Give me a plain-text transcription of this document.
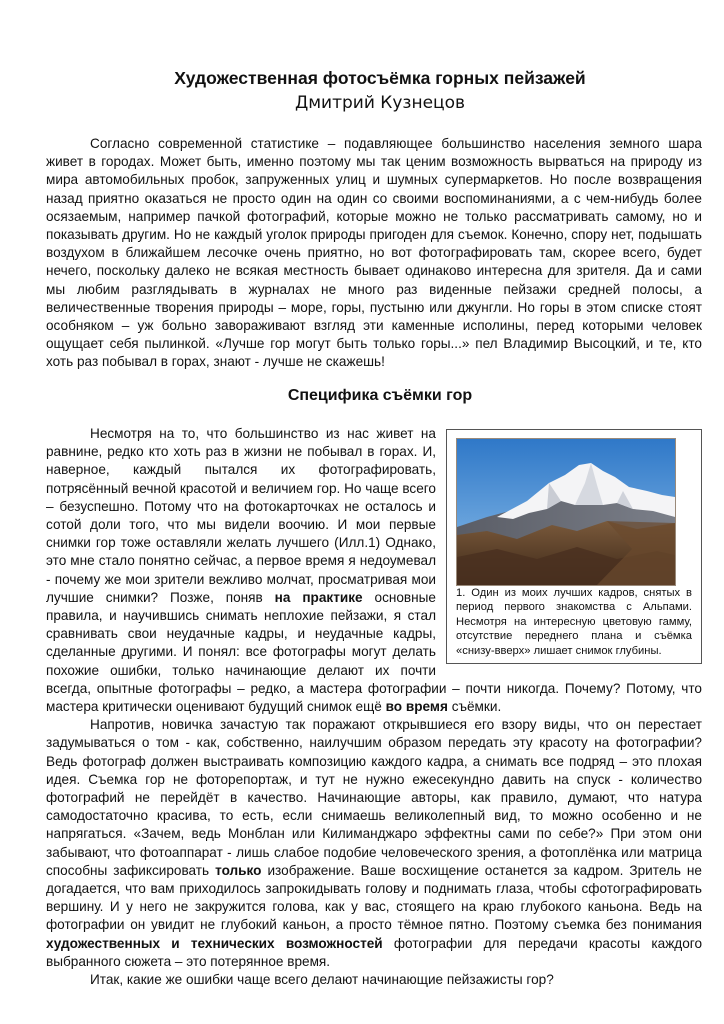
Художественная фотосъёмка горных пейзажей
Дмитрий Кузнецов

Согласно современной статистике – подавляющее большинство населения земного шара живет в городах. Может быть, именно поэтому мы так ценим возможность вырваться на природу из мира автомобильных пробок, запруженных улиц и шумных супермаркетов. Но после возвращения назад приятно оказаться не просто один на один со своими воспоминаниями, а с чем-нибудь более осязаемым, например пачкой фотографий, которые можно не только рассматривать самому, но и показывать другим. Но не каждый уголок природы пригоден для съемок. Конечно, спору нет, подышать воздухом в ближайшем лесочке очень приятно, но вот фотографировать там, скорее всего, будет нечего, поскольку далеко не всякая местность бывает одинаково интересна для зрителя. Да и сами мы любим разглядывать в журналах не много раз виденные пейзажи средней полосы, а величественные творения природы – море, горы, пустыню или джунгли. Но горы в этом списке стоят особняком – уж больно завораживают взгляд эти каменные исполины, перед которыми человек ощущает себя пылинкой. «Лучше гор могут быть только горы...» пел Владимир Высоцкий, и те, кто хоть раз побывал в горах, знают - лучше не скажешь!

Специфика съёмки гор

1. Один из моих лучших кадров, снятых в период первого знакомства с Альпами. Несмотря на интересную цветовую гамму, отсутствие переднего плана и съёмка «снизу-вверх» лишает снимок глубины.

Несмотря на то, что большинство из нас живет на равнине, редко кто хоть раз в жизни не побывал в горах. И, наверное, каждый пытался их фотографировать, потрясённый вечной красотой и величием гор. Но чаще всего – безуспешно. Потому что на фотокарточках не осталось и сотой доли того, что мы видели воочию. И мои первые снимки гор тоже оставляли желать лучшего (Илл.1) Однако, это мне стало понятно сейчас, а первое время я недоумевал - почему же мои зрители вежливо молчат, просматривая мои лучшие снимки? Позже, поняв на практике основные правила, и научившись снимать неплохие пейзажи, я стал сравнивать свои неудачные кадры, и неудачные кадры, сделанные другими. И понял: все фотографы могут делать похожие ошибки, только начинающие делают их почти всегда, опытные фотографы – редко, а мастера фотографии – почти никогда. Почему? Потому, что мастера критически оценивают будущий снимок ещё во время съёмки.

Напротив, новичка зачастую так поражают открывшиеся его взору виды, что он перестает задумываться о том - как, собственно, наилучшим образом передать эту красоту на фотографии? Ведь фотограф должен выстраивать композицию каждого кадра, а снимать все подряд – это плохая идея. Съемка гор не фоторепортаж, и тут не нужно ежесекундно давить на спуск - количество фотографий не перейдёт в качество. Начинающие авторы, как правило, думают, что натура самодостаточно красива, то есть, если снимаешь великолепный вид, то можно особенно и не напрягаться. «Зачем, ведь Монблан или Килиманджаро эффектны сами по себе?» При этом они забывают, что фотоаппарат - лишь слабое подобие человеческого зрения, а фотоплёнка или матрица способны зафиксировать только изображение. Ваше восхищение останется за кадром. Зритель не догадается, что вам приходилось запрокидывать голову и поднимать глаза, чтобы сфотографировать вершину. И у него не закружится голова, как у вас, стоящего на краю глубокого каньона. Ведь на фотографии он увидит не глубокий каньон, а просто тёмное пятно. Поэтому съемка без понимания художественных и технических возможностей фотографии для передачи красоты каждого выбранного сюжета – это потерянное время.

Итак, какие же ошибки чаще всего делают начинающие пейзажисты гор?
